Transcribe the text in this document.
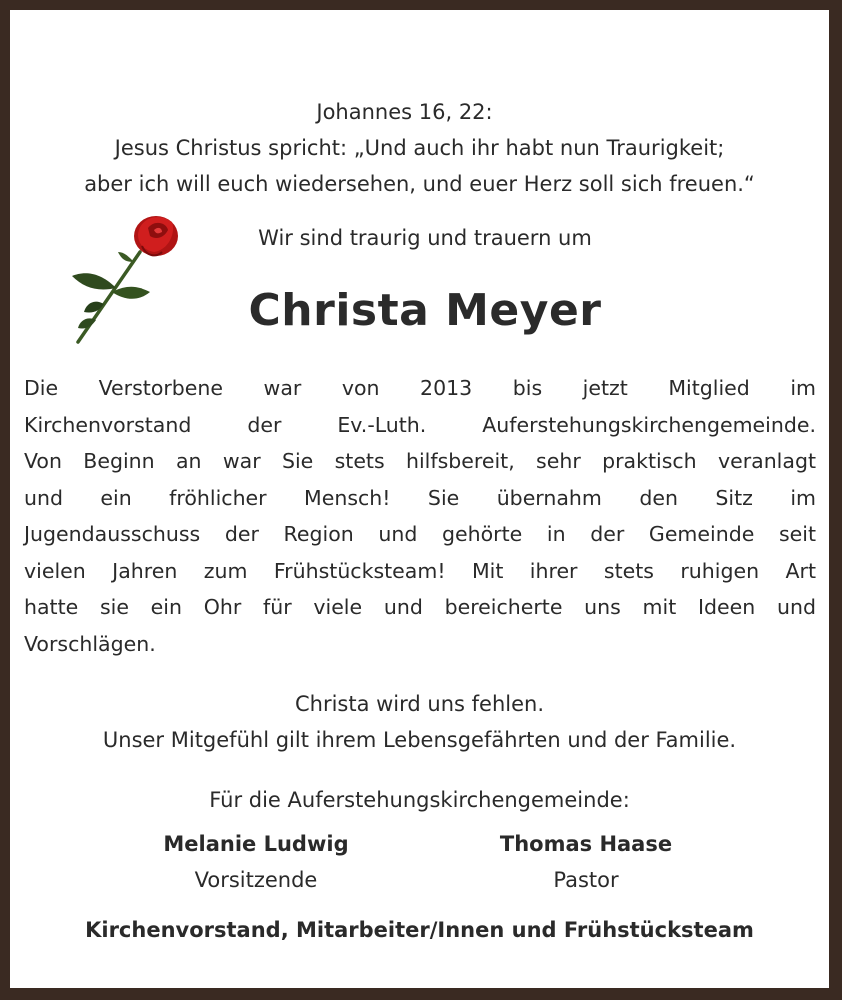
Johannes 16, 22:
Jesus Christus spricht: „Und auch ihr habt nun Traurigkeit;
aber ich will euch wiedersehen, und euer Herz soll sich freuen.“
Wir sind traurig und trauern um
Christa Meyer
Die Verstorbene war von 2013 bis jetzt Mitglied im
Kirchenvorstand der Ev.-Luth. Auferstehungskirchengemeinde.
Von Beginn an war Sie stets hilfsbereit, sehr praktisch veranlagt
und ein fröhlicher Mensch! Sie übernahm den Sitz im
Jugendausschuss der Region und gehörte in der Gemeinde seit
vielen Jahren zum Frühstücksteam! Mit ihrer stets ruhigen Art
hatte sie ein Ohr für viele und bereicherte uns mit Ideen und
Vorschlägen.
Christa wird uns fehlen.
Unser Mitgefühl gilt ihrem Lebensgefährten und der Familie.
Für die Auferstehungskirchengemeinde:
Melanie Ludwig
Vorsitzende
Thomas Haase
Pastor
Kirchenvorstand, Mitarbeiter/Innen und Frühstücksteam
